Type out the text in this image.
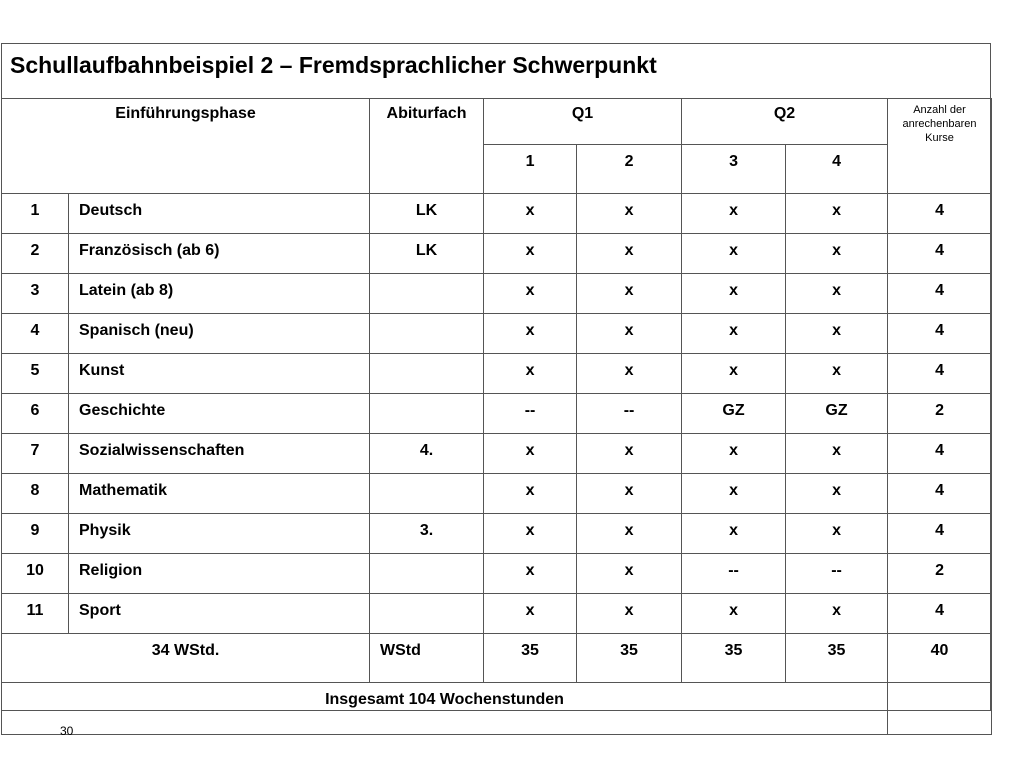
Schullaufbahnbeispiel 2 – Fremdsprachlicher Schwerpunkt
Einführungsphase		Abiturfach	Q1		Q2		Anzahl der anrechenbaren Kurse
			1	2	3	4	
1	Deutsch	LK	x	x	x	x	4
2	Französisch (ab 6)	LK	x	x	x	x	4
3	Latein (ab 8)		x	x	x	x	4
4	Spanisch (neu)		x	x	x	x	4
5	Kunst		x	x	x	x	4
6	Geschichte		--	--	GZ	GZ	2
7	Sozialwissenschaften	4.	x	x	x	x	4
8	Mathematik		x	x	x	x	4
9	Physik	3.	x	x	x	x	4
10	Religion		x	x	--	--	2
11	Sport		x	x	x	x	4
34 WStd.		WStd	35	35	35	35	40
Insgesamt 104 Wochenstunden							
30
